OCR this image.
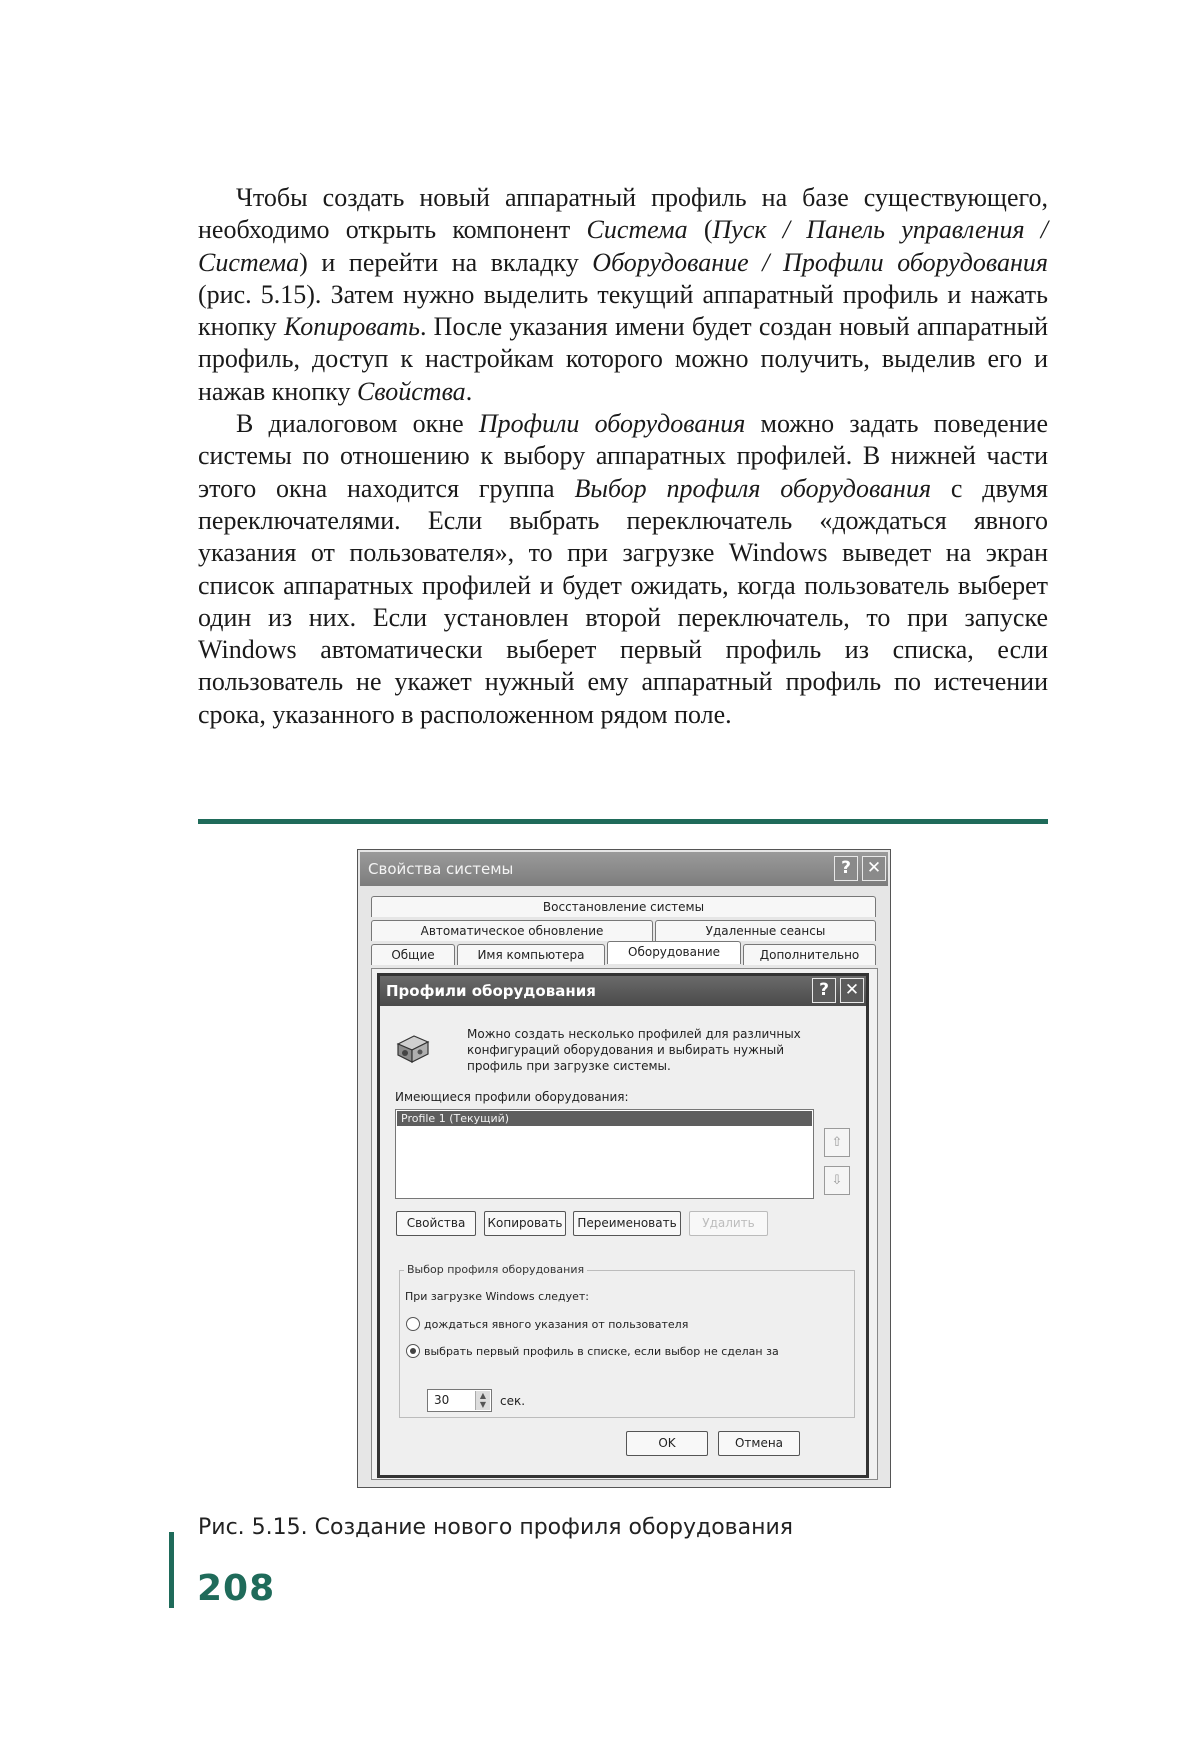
Чтобы создать новый аппаратный профиль на базе существующего, необходимо открыть компонент Система (Пуск / Панель управления / Система) и перейти на вкладку Оборудование / Профили оборудования (рис. 5.15). Затем нужно выделить текущий аппаратный профиль и нажать кнопку Копировать. После указания имени будет создан новый аппаратный профиль, доступ к настройкам которого можно получить, выделив его и нажав кнопку Свойства.

В диалоговом окне Профили оборудования можно задать поведение системы по отношению к выбору аппаратных профилей. В нижней части этого окна находится группа Выбор профиля оборудования с двумя переключателями. Если выбрать переключатель «дождаться явного указания от пользователя», то при загрузке Windows выведет на экран список аппаратных профилей и будет ожидать, когда пользователь выберет один из них. Если установлен второй переключатель, то при запуске Windows автоматически выберет первый профиль из списка, если пользователь не укажет нужный ему аппаратный профиль по истечении срока, указанного в расположенном рядом поле.

Свойства системы	? ✕
Восстановление системы
Автоматическое обновление	Удаленные сеансы
Общие	Имя компьютера	Оборудование	Дополнительно
Профили оборудования	? ✕
Можно создать несколько профилей для различных конфигураций оборудования и выбирать нужный профиль при загрузке системы.
Имеющиеся профили оборудования:
Profile 1 (Текущий)
⇧
⇩
Свойства	Копировать	Переименовать	Удалить
Выбор профиля оборудования
При загрузке Windows следует:
дождаться явного указания от пользователя
выбрать первый профиль в списке, если выбор не сделан за
30	▲
▼	сек.
OK	Отмена
Рис. 5.15. Создание нового профиля оборудования
208
